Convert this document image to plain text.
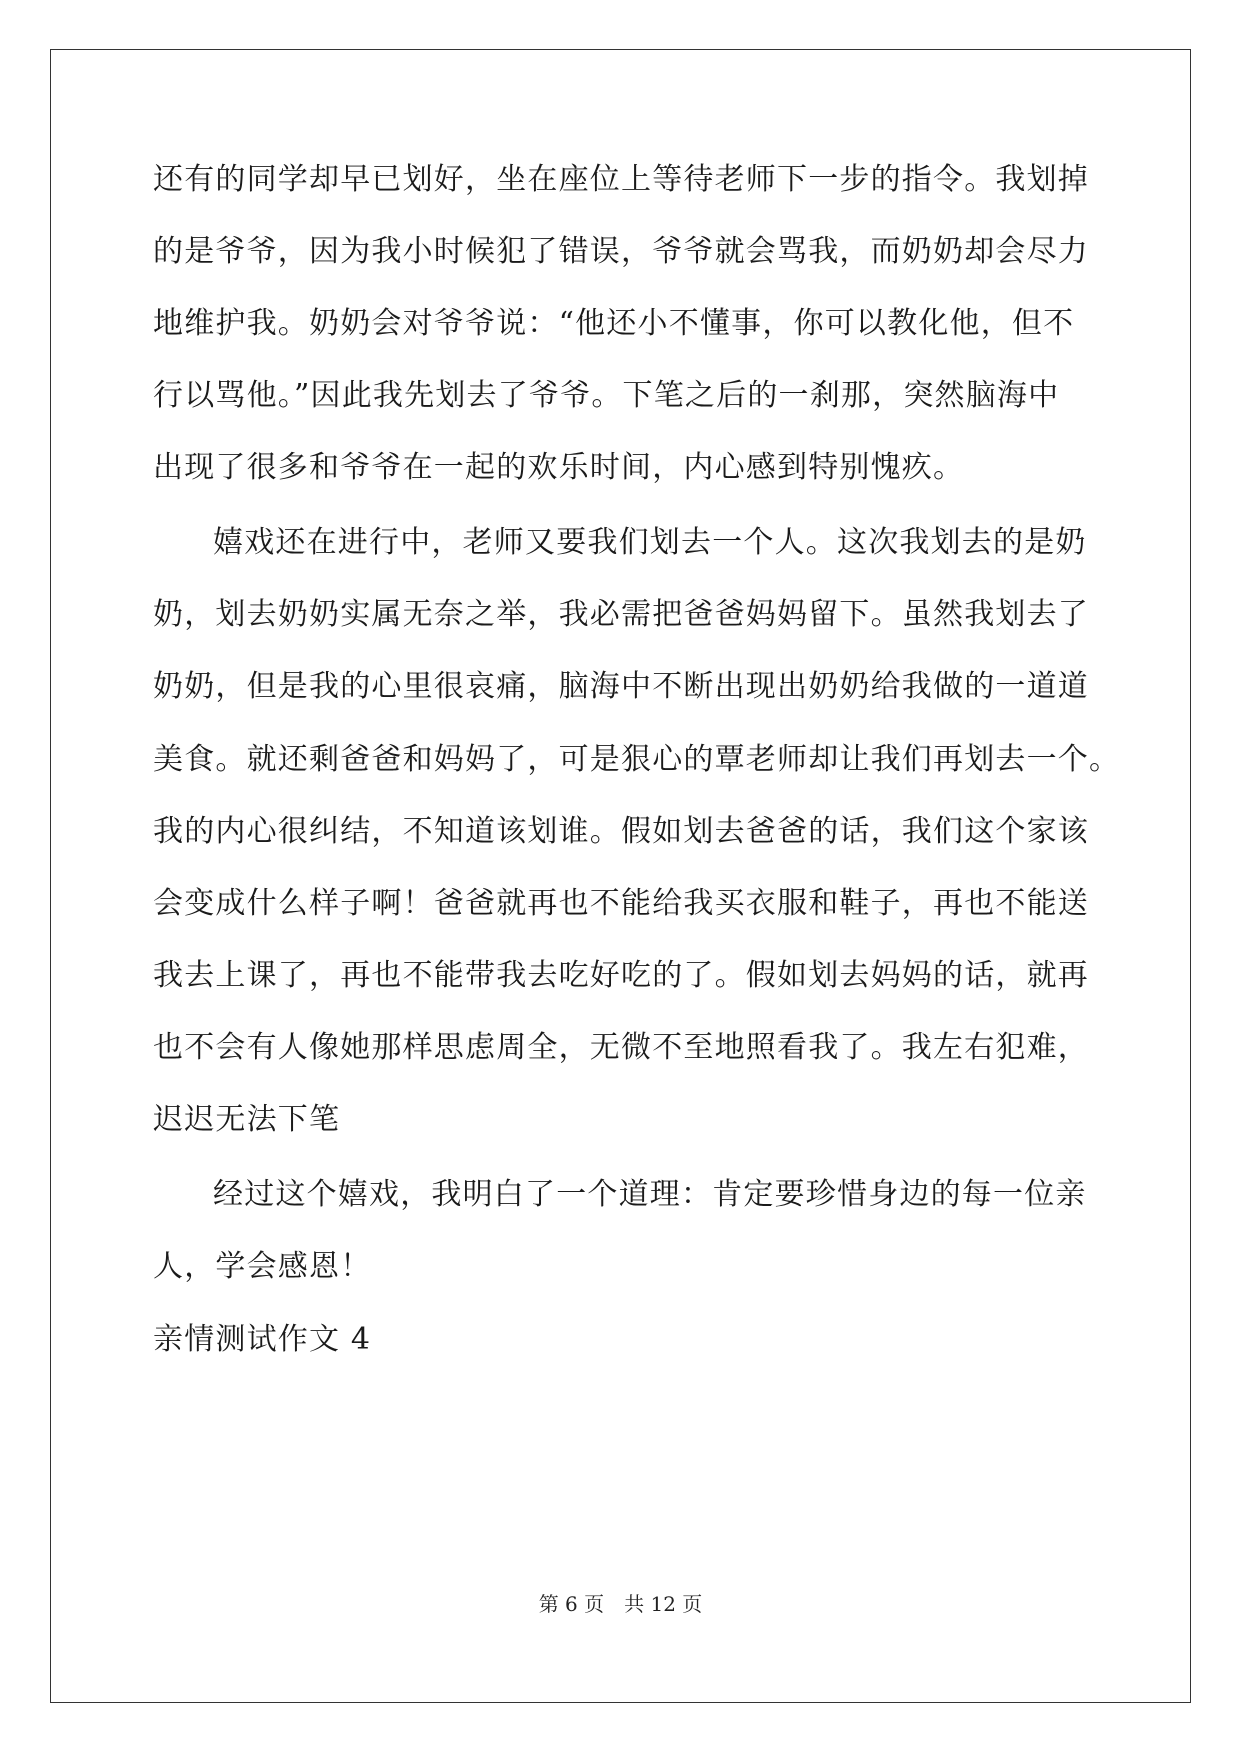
还有的同学却早已划好，坐在座位上等待老师下一步的指令。我划掉
的是爷爷，因为我小时候犯了错误，爷爷就会骂我，而奶奶却会尽力
地维护我。奶奶会对爷爷说：“他还小不懂事，你可以教化他，但不
行以骂他。”因此我先划去了爷爷。下笔之后的一刹那，突然脑海中
出现了很多和爷爷在一起的欢乐时间，内心感到特别愧疚。
嬉戏还在进行中，老师又要我们划去一个人。这次我划去的是奶
奶，划去奶奶实属无奈之举，我必需把爸爸妈妈留下。虽然我划去了
奶奶，但是我的心里很哀痛，脑海中不断出现出奶奶给我做的一道道
美食。就还剩爸爸和妈妈了，可是狠心的覃老师却让我们再划去一个。
我的内心很纠结，不知道该划谁。假如划去爸爸的话，我们这个家该
会变成什么样子啊！爸爸就再也不能给我买衣服和鞋子，再也不能送
我去上课了，再也不能带我去吃好吃的了。假如划去妈妈的话，就再
也不会有人像她那样思虑周全，无微不至地照看我了。我左右犯难，
迟迟无法下笔
经过这个嬉戏，我明白了一个道理：肯定要珍惜身边的每一位亲
人，学会感恩！
亲情测试作文 4
第 6 页 共 12 页
